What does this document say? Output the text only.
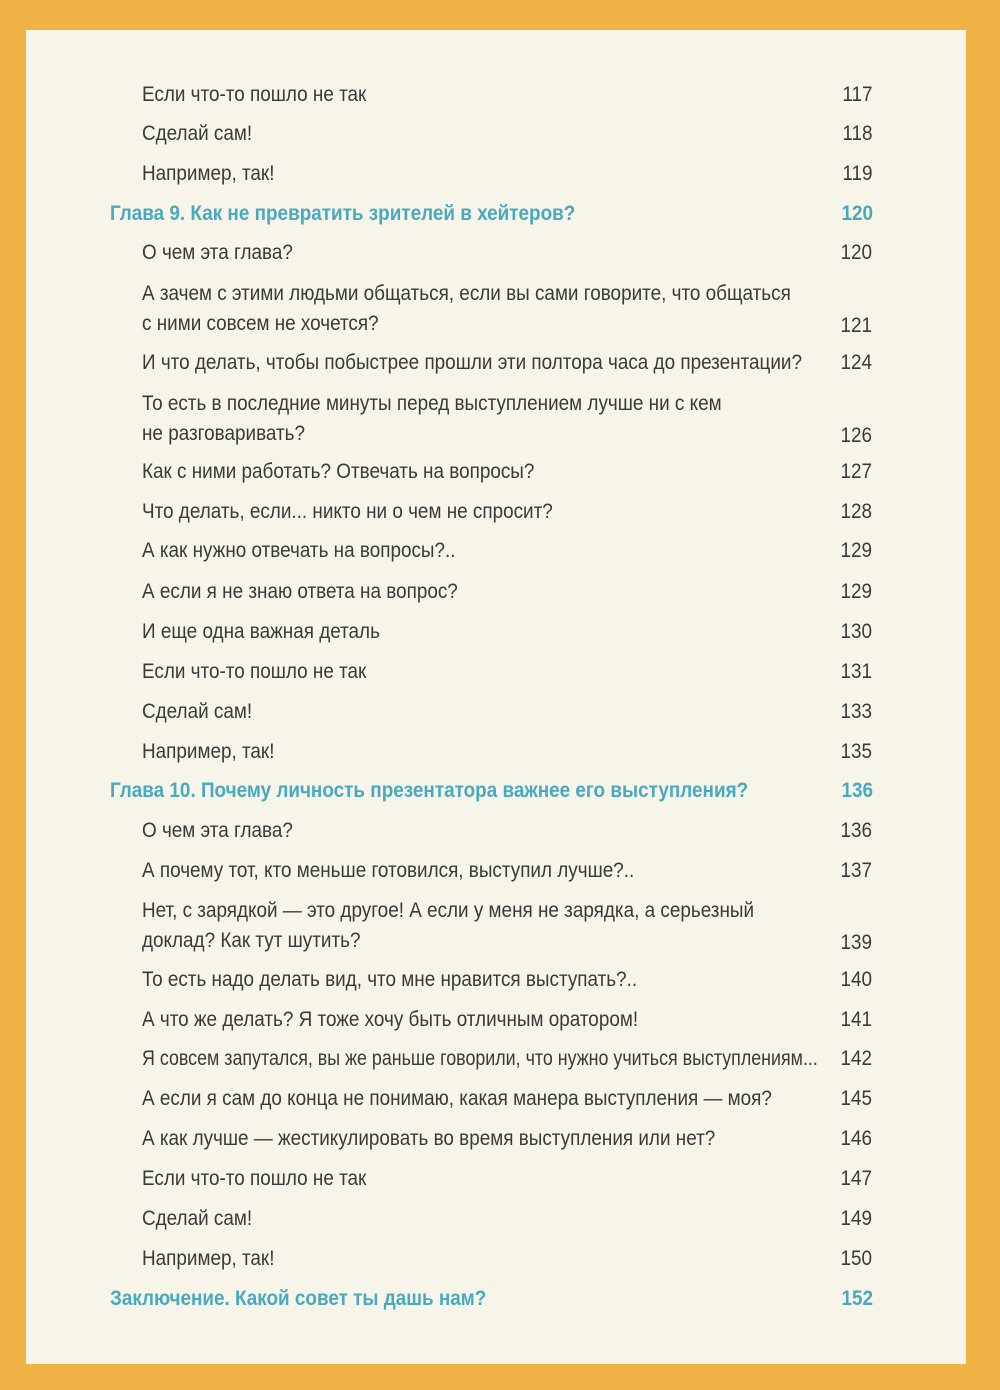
Если что-то пошло не так	117
Сделай сам!	118
Например, так!	119
Глава 9. Как не превратить зрителей в хейтеров?	120
О чем эта глава?	120
А зачем с этими людьми общаться, если вы сами говорите, что общаться
с ними совсем не хочется?	121
И что делать, чтобы побыстрее прошли эти полтора часа до презентации? 124
То есть в последние минуты перед выступлением лучше ни с кем
не разговаривать?	126
Как с ними работать? Отвечать на вопросы?	127
Что делать, если... никто ни о чем не спросит?	128
А как нужно отвечать на вопросы?..	129
А если я не знаю ответа на вопрос?	129
И еще одна важная деталь	130
Если что-то пошло не так	131
Сделай сам!	133
Например, так!	135
Глава 10. Почему личность презентатора важнее его выступления?	136
О чем эта глава?	136
А почему тот, кто меньше готовился, выступил лучше?..	137
Нет, с зарядкой — это другое! А если у меня не зарядка, а серьезный
доклад? Как тут шутить?	139
То есть надо делать вид, что мне нравится выступать?..	140
А что же делать? Я тоже хочу быть отличным оратором!	141
Я совсем запутался, вы же раньше говорили, что нужно учиться выступлениям... 142
А если я сам до конца не понимаю, какая манера выступления — моя?	145
А как лучше — жестикулировать во время выступления или нет?	146
Если что-то пошло не так	147
Сделай сам!	149
Например, так!	150
Заключение. Какой совет ты дашь нам?	152
